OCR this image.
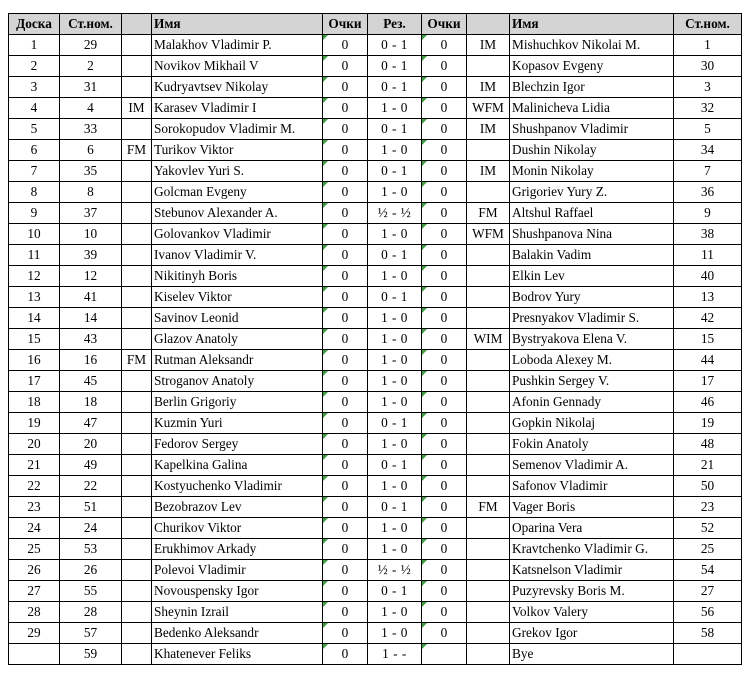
Доска	Ст.ном.		Имя	Очки	Рез.	Очки		Имя	Ст.ном.
1	29		Malakhov Vladimir P.	0	0 - 1	0	IM	Mishuchkov Nikolai M.	1
2	2		Novikov Mikhail V	0	0 - 1	0		Kopasov Evgeny	30
3	31		Kudryavtsev Nikolay	0	0 - 1	0	IM	Blechzin Igor	3
4	4	IM	Karasev Vladimir I	0	1 - 0	0	WFM	Malinicheva Lidia	32
5	33		Sorokopudov Vladimir M.	0	0 - 1	0	IM	Shushpanov Vladimir	5
6	6	FM	Turikov Viktor	0	1 - 0	0		Dushin Nikolay	34
7	35		Yakovlev Yuri S.	0	0 - 1	0	IM	Monin Nikolay	7
8	8		Golcman Evgeny	0	1 - 0	0		Grigoriev Yury Z.	36
9	37		Stebunov Alexander A.	0	½ - ½	0	FM	Altshul Raffael	9
10	10		Golovankov Vladimir	0	1 - 0	0	WFM	Shushpanova Nina	38
11	39		Ivanov Vladimir V.	0	0 - 1	0		Balakin Vadim	11
12	12		Nikitinyh Boris	0	1 - 0	0		Elkin Lev	40
13	41		Kiselev Viktor	0	0 - 1	0		Bodrov Yury	13
14	14		Savinov Leonid	0	1 - 0	0		Presnyakov Vladimir S.	42
15	43		Glazov Anatoly	0	1 - 0	0	WIM	Bystryakova Elena V.	15
16	16	FM	Rutman Aleksandr	0	1 - 0	0		Loboda Alexey M.	44
17	45		Stroganov Anatoly	0	1 - 0	0		Pushkin Sergey V.	17
18	18		Berlin Grigoriy	0	1 - 0	0		Afonin Gennady	46
19	47		Kuzmin Yuri	0	0 - 1	0		Gopkin Nikolaj	19
20	20		Fedorov Sergey	0	1 - 0	0		Fokin Anatoly	48
21	49		Kapelkina Galina	0	0 - 1	0		Semenov Vladimir A.	21
22	22		Kostyuchenko Vladimir	0	1 - 0	0		Safonov Vladimir	50
23	51		Bezobrazov Lev	0	0 - 1	0	FM	Vager Boris	23
24	24		Churikov Viktor	0	1 - 0	0		Oparina Vera	52
25	53		Erukhimov Arkady	0	1 - 0	0		Kravtchenko Vladimir G.	25
26	26		Polevoi Vladimir	0	½ - ½	0		Katsnelson Vladimir	54
27	55		Novouspensky Igor	0	0 - 1	0		Puzyrevsky Boris M.	27
28	28		Sheynin Izrail	0	1 - 0	0		Volkov Valery	56
29	57		Bedenko Aleksandr	0	1 - 0	0		Grekov Igor	58
	59		Khatenever Feliks	0	1 - -			Bye	
